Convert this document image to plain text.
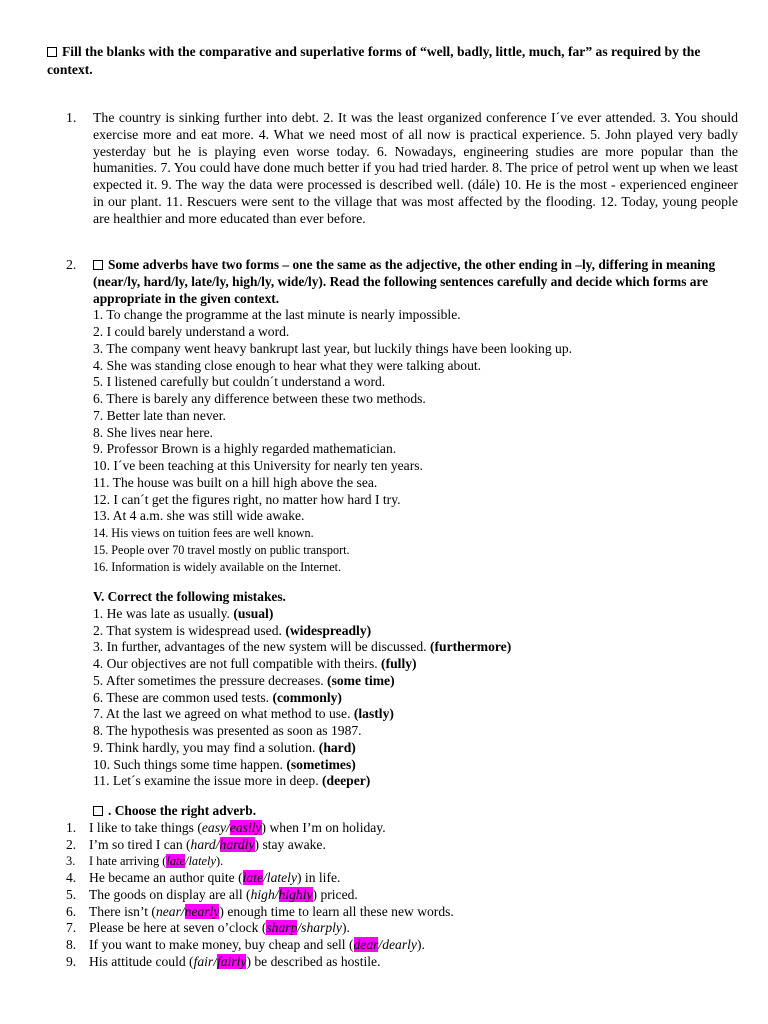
Fill the blanks with the comparative and superlative forms of “well, badly, little, much, far” as required by the context.
1. The country is sinking further into debt. 2. It was the least organized conference I´ve ever attended. 3. You should exercise more and eat more. 4. What we need most of all now is practical experience. 5. John played very badly yesterday but he is playing even worse today. 6. Nowadays, engineering studies are more popular than the humanities. 7. You could have done much better if you had tried harder. 8. The price of petrol went up when we least expected it. 9. The way the data were processed is described well. (dále) 10. He is the most - experienced engineer in our plant. 11. Rescuers were sent to the village that was most affected by the flooding. 12. Today, young people are healthier and more educated than ever before.
2.	Some adverbs have two forms – one the same as the adjective, the other ending in –ly, differing in meaning (near/ly, hard/ly, late/ly, high/ly, wide/ly). Read the following sentences carefully and decide which forms are appropriate in the given context.
1. To change the programme at the last minute is nearly impossible.
2. I could barely understand a word.
3. The company went heavy bankrupt last year, but luckily things have been looking up.
4. She was standing close enough to hear what they were talking about.
5. I listened carefully but couldn´t understand a word.
6. There is barely any difference between these two methods.
7. Better late than never.
8. She lives near here.
9. Professor Brown is a highly regarded mathematician.
10. I´ve been teaching at this University for nearly ten years.
11. The house was built on a hill high above the sea.
12. I can´t get the figures right, no matter how hard I try.
13. At 4 a.m. she was still wide awake.
14. His views on tuition fees are well known.
15. People over 70 travel mostly on public transport.
16. Information is widely available on the Internet.
V. Correct the following mistakes.
1. He was late as usually. (usual)
2. That system is widespread used. (widespreadly)
3. In further, advantages of the new system will be discussed. (furthermore)
4. Our objectives are not full compatible with theirs. (fully)
5. After sometimes the pressure decreases. (some time)
6. These are common used tests. (commonly)
7. At the last we agreed on what method to use. (lastly)
8. The hypothesis was presented as soon as 1987.
9. Think hardly, you may find a solution. (hard)
10. Such things some time happen. (sometimes)
11. Let´s examine the issue more in deep. (deeper)
. Choose the right adverb.
1. I like to take things (easy/easily) when I’m on holiday.
2. I’m so tired I can (hard/hardly) stay awake.
3. I hate arriving (late/lately).
4. He became an author quite (late/lately) in life.
5. The goods on display are all (high/highly) priced.
6. There isn’t (near/nearly) enough time to learn all these new words.
7. Please be here at seven o’clock (sharp/sharply).
8. If you want to make money, buy cheap and sell (dear/dearly).
9. His attitude could (fair/fairly) be described as hostile.
